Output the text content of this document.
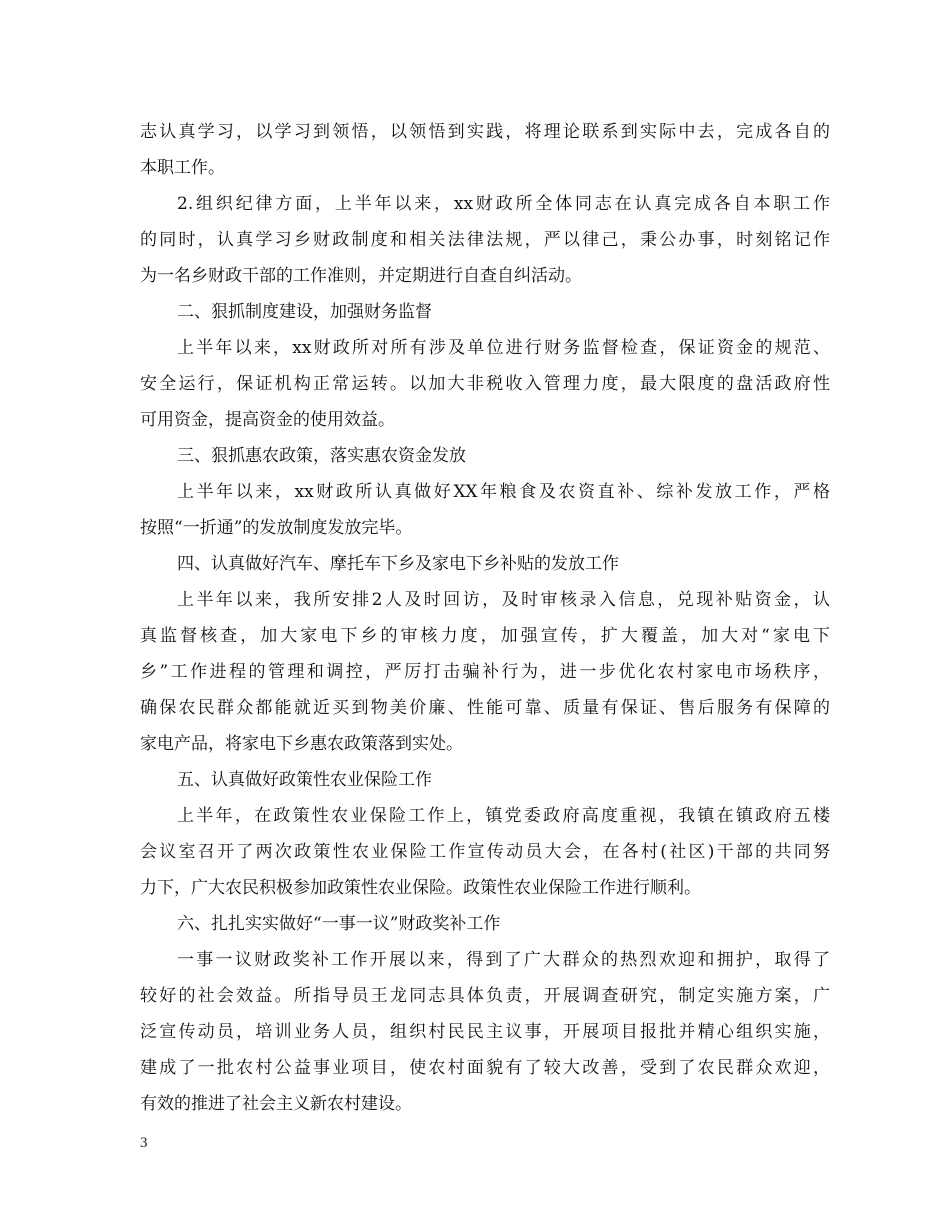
志认真学习，以学习到领悟，以领悟到实践，将理论联系到实际中去，完成各自的
本职工作。
2.组织纪律方面，上半年以来，xx财政所全体同志在认真完成各自本职工作
的同时，认真学习乡财政制度和相关法律法规，严以律己，秉公办事，时刻铭记作
为一名乡财政干部的工作准则，并定期进行自查自纠活动。
二、狠抓制度建设，加强财务监督
上半年以来，xx财政所对所有涉及单位进行财务监督检查，保证资金的规范、
安全运行，保证机构正常运转。以加大非税收入管理力度，最大限度的盘活政府性
可用资金，提高资金的使用效益。
三、狠抓惠农政策，落实惠农资金发放
上半年以来，xx财政所认真做好XX年粮食及农资直补、综补发放工作，严格
按照“一折通”的发放制度发放完毕。
四、认真做好汽车、摩托车下乡及家电下乡补贴的发放工作
上半年以来，我所安排2人及时回访，及时审核录入信息，兑现补贴资金，认
真监督核查，加大家电下乡的审核力度，加强宣传，扩大覆盖，加大对“家电下
乡”工作进程的管理和调控，严厉打击骗补行为，进一步优化农村家电市场秩序，
确保农民群众都能就近买到物美价廉、性能可靠、质量有保证、售后服务有保障的
家电产品，将家电下乡惠农政策落到实处。
五、认真做好政策性农业保险工作
上半年，在政策性农业保险工作上，镇党委政府高度重视，我镇在镇政府五楼
会议室召开了两次政策性农业保险工作宣传动员大会，在各村(社区)干部的共同努
力下，广大农民积极参加政策性农业保险。政策性农业保险工作进行顺利。
六、扎扎实实做好“一事一议”财政奖补工作
一事一议财政奖补工作开展以来，得到了广大群众的热烈欢迎和拥护，取得了
较好的社会效益。所指导员王龙同志具体负责，开展调查研究，制定实施方案，广
泛宣传动员，培训业务人员，组织村民民主议事，开展项目报批并精心组织实施，
建成了一批农村公益事业项目，使农村面貌有了较大改善，受到了农民群众欢迎，
有效的推进了社会主义新农村建设。
3
